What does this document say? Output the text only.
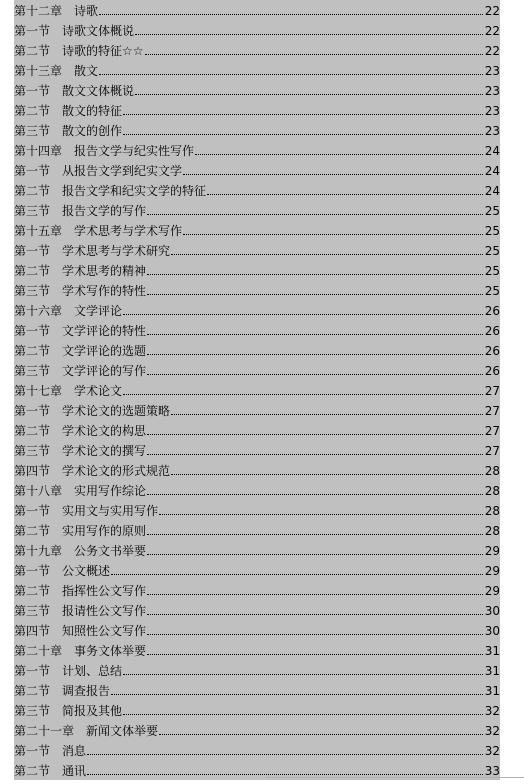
第十二章　诗歌	22
第一节　诗歌文体概说	22
第二节　诗歌的特征☆☆	22
第十三章　散文	23
第一节　散文文体概说	23
第二节　散文的特征	23
第三节　散文的创作	23
第十四章　报告文学与纪实性写作	24
第一节　从报告文学到纪实文学	24
第二节　报告文学和纪实文学的特征	24
第三节　报告文学的写作	25
第十五章　学术思考与学术写作	25
第一节　学术思考与学术研究	25
第二节　学术思考的精神	25
第三节　学术写作的特性	25
第十六章　文学评论	26
第一节　文学评论的特性	26
第二节　文学评论的选题	26
第三节　文学评论的写作	26
第十七章　学术论文	27
第一节　学术论文的选题策略	27
第二节　学术论文的构思	27
第三节　学术论文的撰写	27
第四节　学术论文的形式规范	28
第十八章　实用写作综论	28
第一节　实用文与实用写作	28
第二节　实用写作的原则	28
第十九章　公务文书举要	29
第一节　公文概述	29
第二节　指挥性公文写作	29
第三节　报请性公文写作	30
第四节　知照性公文写作	30
第二十章　事务文体举要	31
第一节　计划、总结	31
第二节　调查报告	31
第三节　简报及其他	32
第二十一章　新闻文体举要	32
第一节　消息	32
第二节　通讯	33
